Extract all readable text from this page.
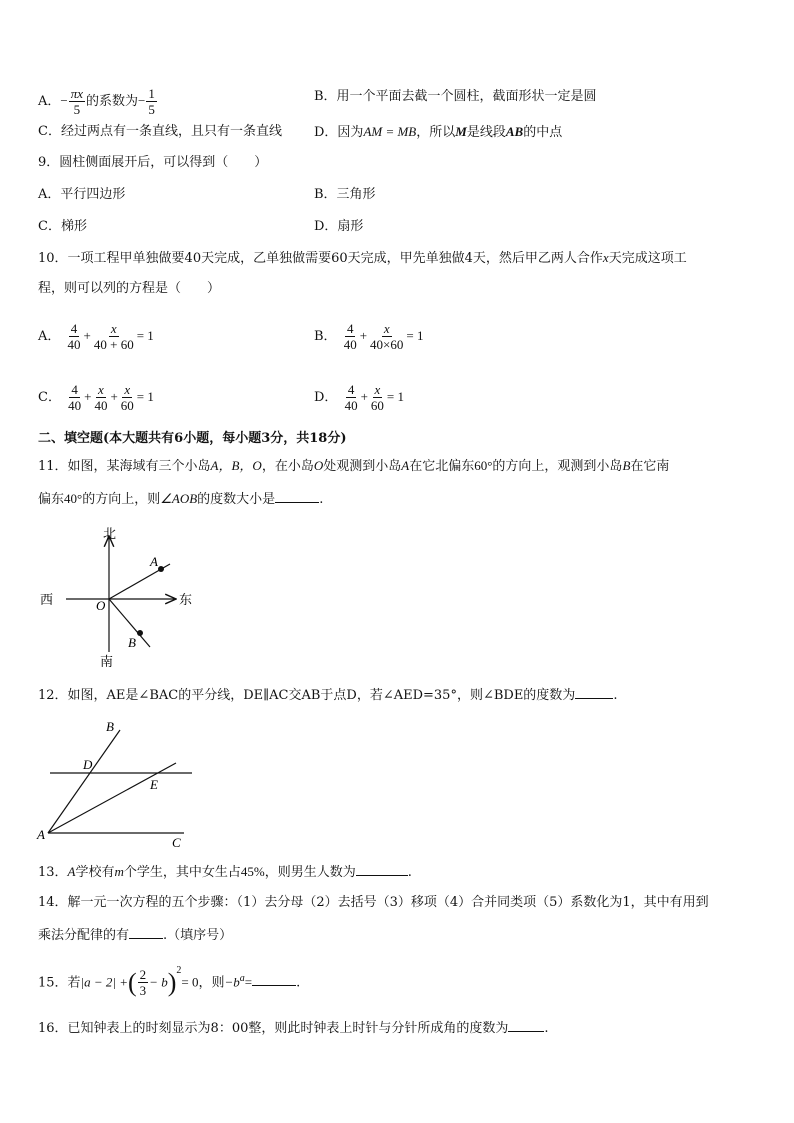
A．− $\frac{\pi x}{5}$ 的系数为− $\frac{1}{5}$	B．用一个平面去截一个圆柱，截面形状一定是圆
C．经过两点有一条直线，且只有一条直线 D．因为AM = MB，所以M是线段AB的中点
9．圆柱侧面展开后，可以得到（　　）
A．平行四边形	B．三角形
C．梯形	D．扇形
10．一项工程甲单独做要40天完成，乙单独做需要60天完成，甲先单独做4天，然后甲乙两人合作x天完成这项工
程，则可以列的方程是（　　）
A． $\frac{4}{40} + \frac{x}{40 + 60} = 1$	B． $\frac{4}{40} + \frac{x}{40\times 60} = 1$
C． $\frac{4}{40} + \frac{x}{40} + \frac{x}{60} = 1$	D． $\frac{4}{40} + \frac{x}{60} = 1$
二、填空题(本大题共有6小题，每小题3分，共18分)
11．如图，某海域有三个小岛A，B，O，在小岛O处观测到小岛A在它北偏东60°的方向上，观测到小岛B在它南
偏东40°的方向上，则∠AOB的度数大小是	.
北
南
西	东
O
A
B
12．如图，AE是∠BAC的平分线，DE∥AC交AB于点D，若∠AED=35°，则∠BDE的度数为	.
B
D
E
A
C
13．A学校有m个学生，其中女生占45%，则男生人数为	.
14．解一元一次方程的五个步骤：（1）去分母（2）去括号（3）移项（4）合并同类项（5）系数化为1，其中有用到
乘法分配律的有	.（填序号）
15．若|a − 2| +( $\frac{2}{3} - b)^2= 0$，则$-b^a=$	.
16．已知钟表上的时刻显示为8：00整，则此时钟表上时针与分针所成角的度数为	.
